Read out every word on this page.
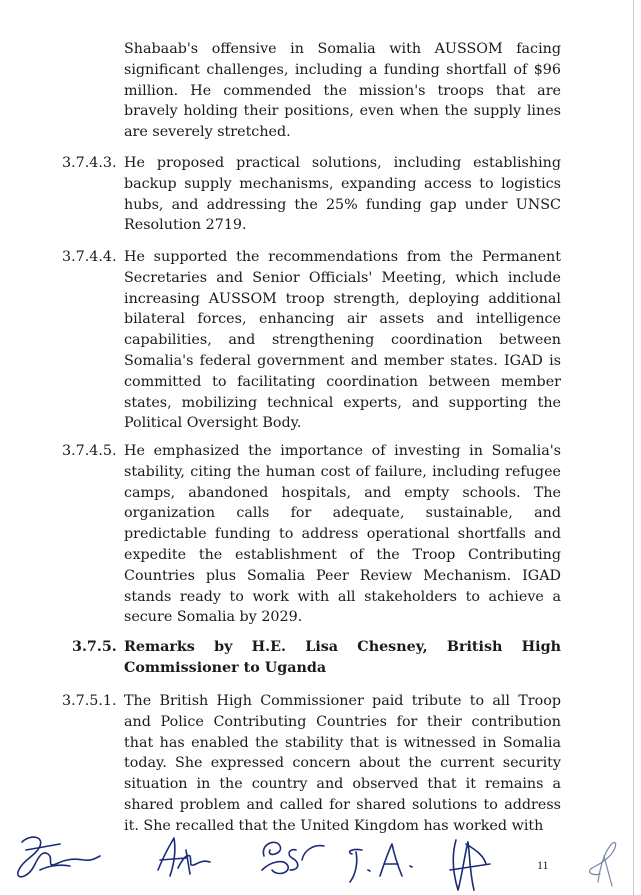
Shabaab's offensive in Somalia with AUSSOM facing significant challenges, including a funding shortfall of $96 million. He commended the mission's troops that are bravely holding their positions, even when the supply lines are severely stretched.

3.7.4.3. He proposed practical solutions, including establishing backup supply mechanisms, expanding access to logistics hubs, and addressing the 25% funding gap under UNSC Resolution 2719.

3.7.4.4. He supported the recommendations from the Permanent Secretaries and Senior Officials' Meeting, which include increasing AUSSOM troop strength, deploying additional bilateral forces, enhancing air assets and intelligence capabilities, and strengthening coordination between Somalia's federal government and member states. IGAD is committed to facilitating coordination between member states, mobilizing technical experts, and supporting the Political Oversight Body.

3.7.4.5. He emphasized the importance of investing in Somalia's stability, citing the human cost of failure, including refugee camps, abandoned hospitals, and empty schools. The organization calls for adequate, sustainable, and predictable funding to address operational shortfalls and expedite the establishment of the Troop Contributing Countries plus Somalia Peer Review Mechanism. IGAD stands ready to work with all stakeholders to achieve a secure Somalia by 2029.

3.7.5. Remarks by H.E. Lisa Chesney, British High Commissioner to Uganda

3.7.5.1. The British High Commissioner paid tribute to all Troop and Police Contributing Countries for their contribution that has enabled the stability that is witnessed in Somalia today. She expressed concern about the current security situation in the country and observed that it remains a shared problem and called for shared solutions to address it. She recalled that the United Kingdom has worked with

11
